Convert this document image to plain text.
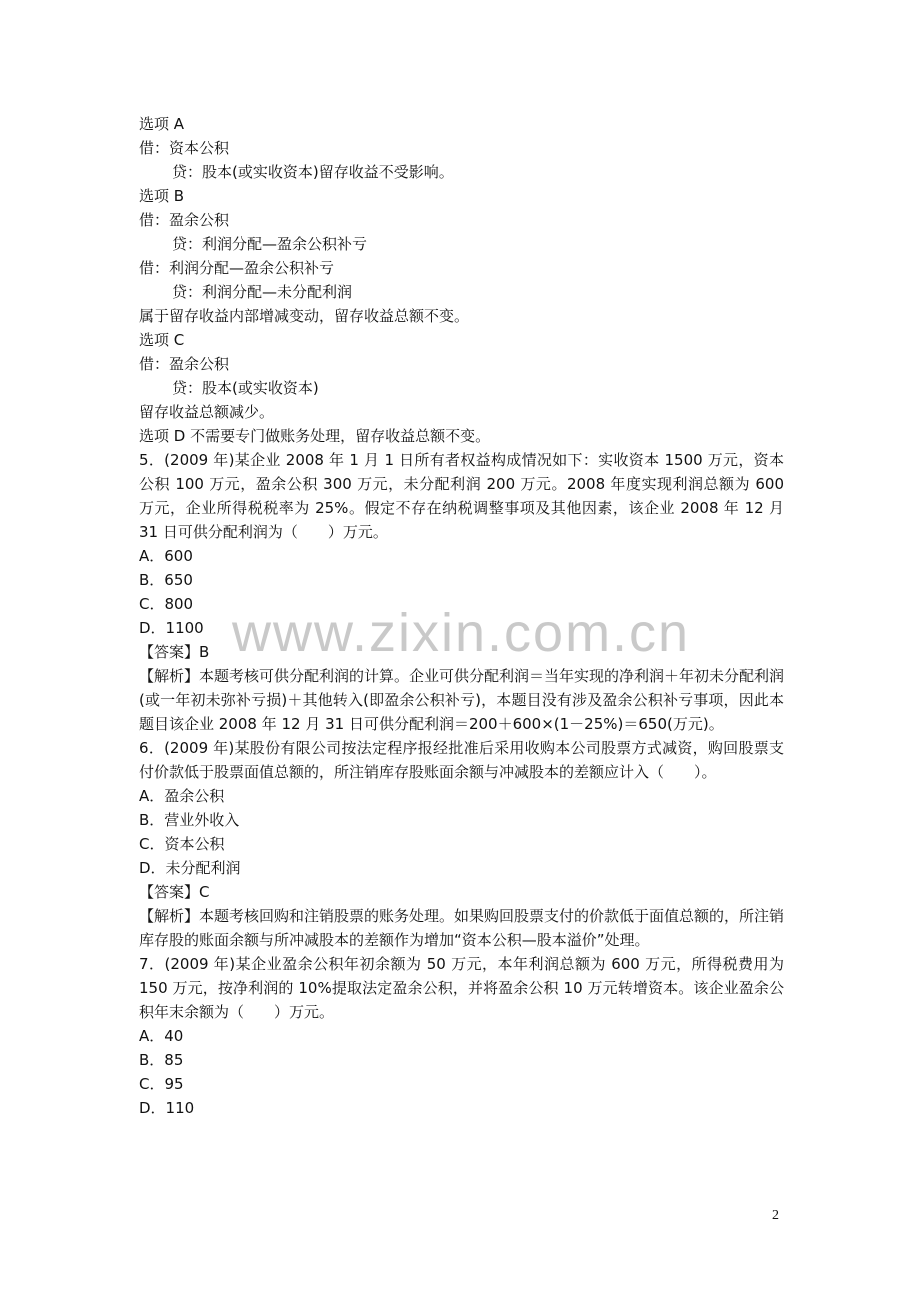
选项 A
借：资本公积
贷：股本(或实收资本)留存收益不受影响。
选项 B
借：盈余公积
贷：利润分配—盈余公积补亏
借：利润分配—盈余公积补亏
贷：利润分配—未分配利润
属于留存收益内部增减变动，留存收益总额不变。
选项 C
借：盈余公积
贷：股本(或实收资本)
留存收益总额减少。
选项 D 不需要专门做账务处理，留存收益总额不变。
5．(2009 年)某企业 2008 年 1 月 1 日所有者权益构成情况如下：实收资本 1500 万元，资本公积 100 万元，盈余公积 300 万元，未分配利润 200 万元。2008 年度实现利润总额为 600 万元，企业所得税税率为 25%。假定不存在纳税调整事项及其他因素，该企业 2008 年 12 月 31 日可供分配利润为（　　）万元。
A．600
B．650
C．800
D．1100
【答案】B
【解析】本题考核可供分配利润的计算。企业可供分配利润＝当年实现的净利润＋年初未分配利润(或一年初未弥补亏损)＋其他转入(即盈余公积补亏)，本题目没有涉及盈余公积补亏事项，因此本题目该企业 2008 年 12 月 31 日可供分配利润＝200＋600×(1－25%)＝650(万元)。
6．(2009 年)某股份有限公司按法定程序报经批准后采用收购本公司股票方式减资，购回股票支付价款低于股票面值总额的，所注销库存股账面余额与冲减股本的差额应计入（　　）。
A．盈余公积
B．营业外收入
C．资本公积
D．未分配利润
【答案】C
【解析】本题考核回购和注销股票的账务处理。如果购回股票支付的价款低于面值总额的，所注销库存股的账面余额与所冲减股本的差额作为增加“资本公积—股本溢价”处理。
7．(2009 年)某企业盈余公积年初余额为 50 万元，本年利润总额为 600 万元，所得税费用为 150 万元，按净利润的 10%提取法定盈余公积，并将盈余公积 10 万元转增资本。该企业盈余公积年末余额为（　　）万元。
A．40
B．85
C．95
D．110
www.zixin.com.cn
2
